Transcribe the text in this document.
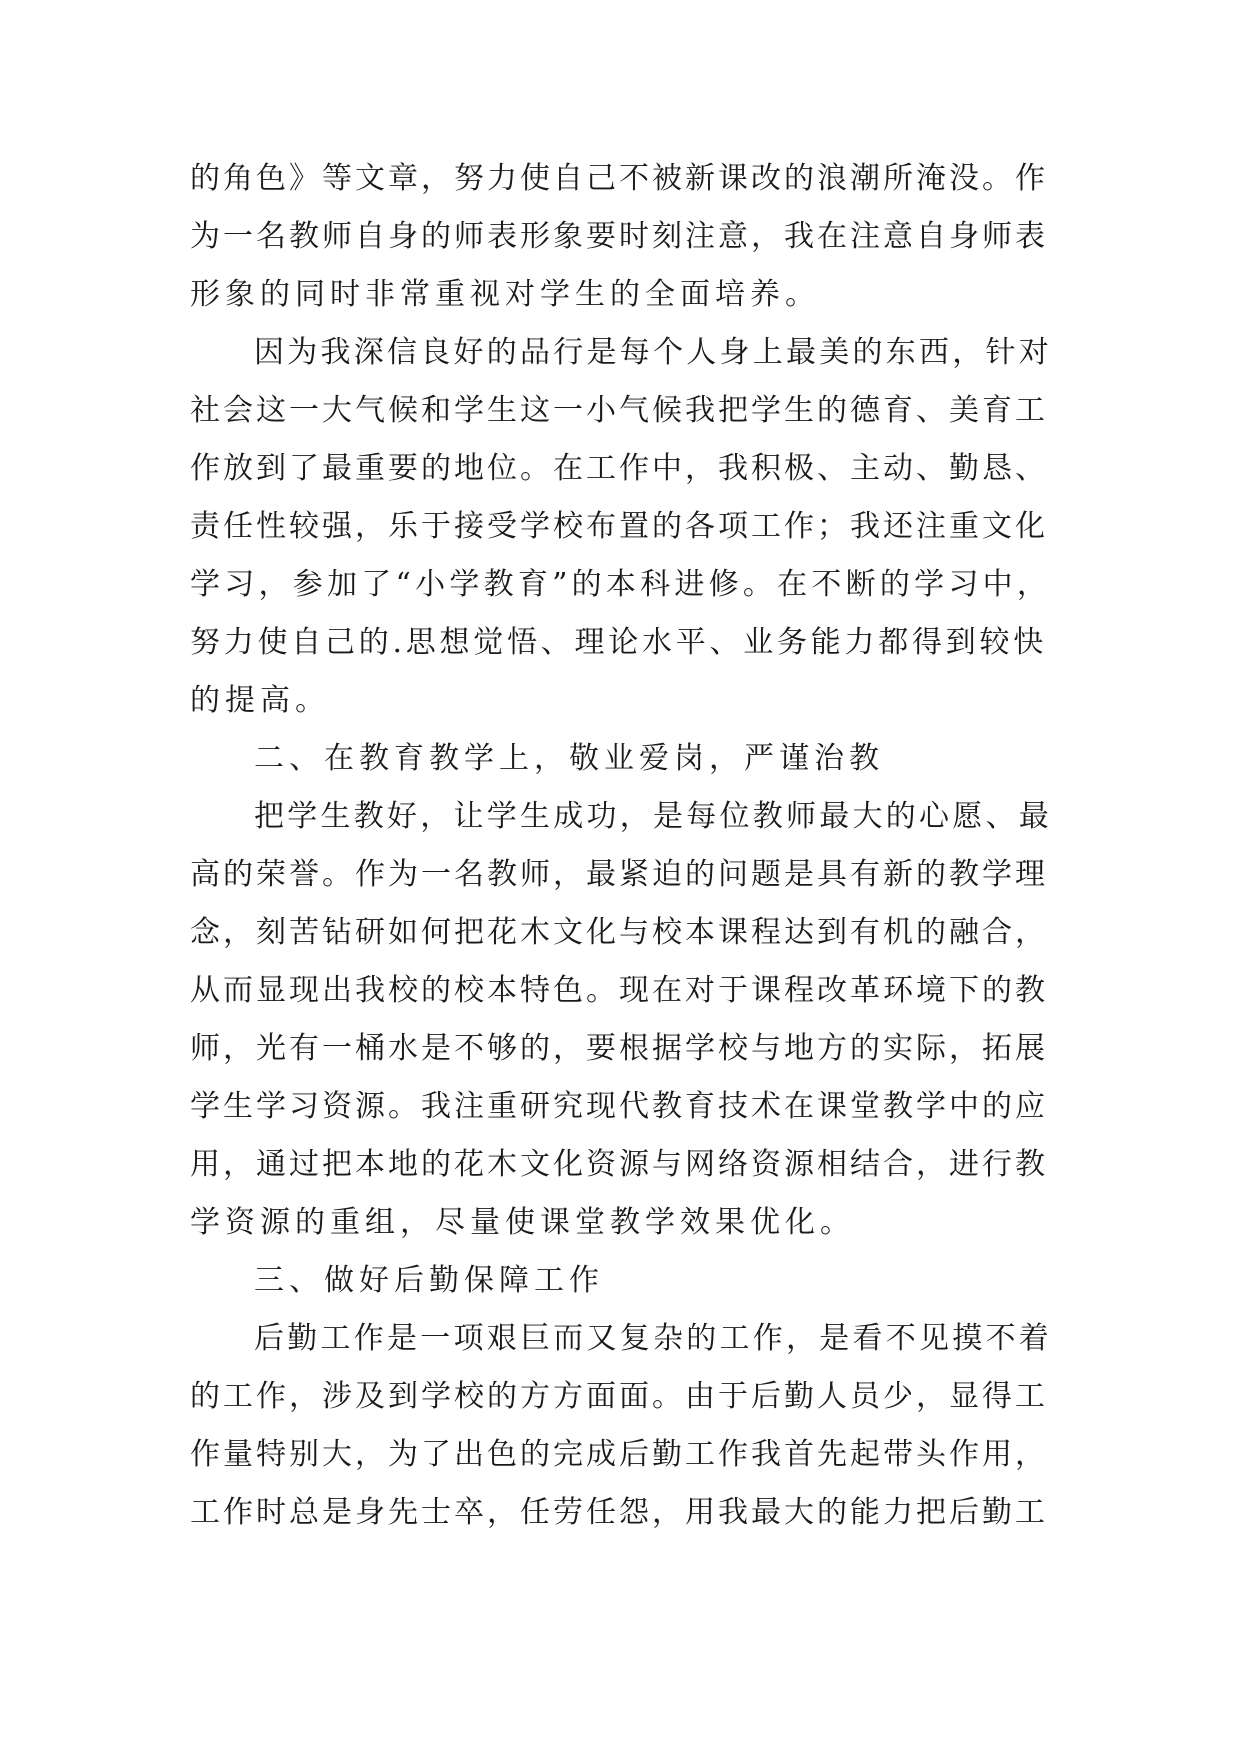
的角色》等文章，努力使自己不被新课改的浪潮所淹没。作
为一名教师自身的师表形象要时刻注意，我在注意自身师表
形象的同时非常重视对学生的全面培养。
因为我深信良好的品行是每个人身上最美的东西，针对
社会这一大气候和学生这一小气候我把学生的德育、美育工
作放到了最重要的地位。在工作中，我积极、主动、勤恳、
责任性较强，乐于接受学校布置的各项工作；我还注重文化
学习，参加了“小学教育”的本科进修。在不断的学习中，
努力使自己的.思想觉悟、理论水平、业务能力都得到较快
的提高。
二、在教育教学上，敬业爱岗，严谨治教
把学生教好，让学生成功，是每位教师最大的心愿、最
高的荣誉。作为一名教师，最紧迫的问题是具有新的教学理
念，刻苦钻研如何把花木文化与校本课程达到有机的融合，
从而显现出我校的校本特色。现在对于课程改革环境下的教
师，光有一桶水是不够的，要根据学校与地方的实际，拓展
学生学习资源。我注重研究现代教育技术在课堂教学中的应
用，通过把本地的花木文化资源与网络资源相结合，进行教
学资源的重组，尽量使课堂教学效果优化。
三、做好后勤保障工作
后勤工作是一项艰巨而又复杂的工作，是看不见摸不着
的工作，涉及到学校的方方面面。由于后勤人员少，显得工
作量特别大，为了出色的完成后勤工作我首先起带头作用，
工作时总是身先士卒，任劳任怨，用我最大的能力把后勤工
